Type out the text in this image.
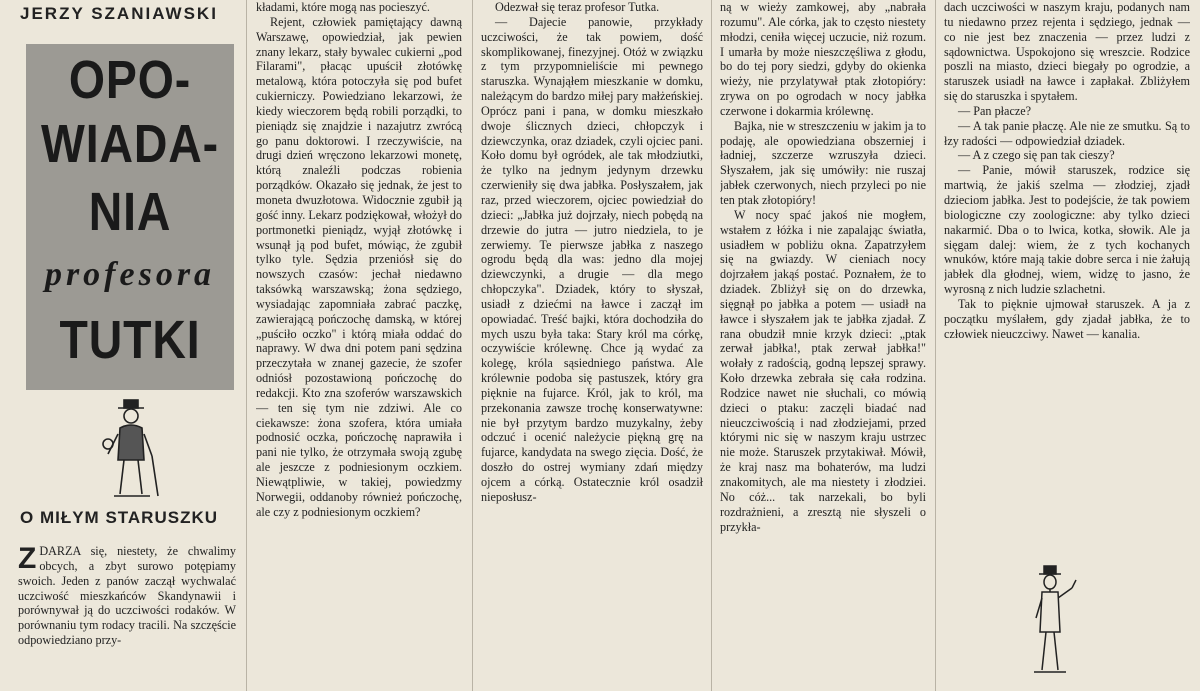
JERZY SZANIAWSKI
OPO-
WIADA-
NIA
profesora
TUTKI
O MIŁYM STARUSZKU
ZDARZA się, niestety, że chwalimy obcych, a zbyt surowo potępiamy swoich. Jeden z panów zaczął wychwalać uczciwość mieszkańców Skandynawii i porównywał ją do uczciwości rodaków. W porównaniu tym rodacy tracili. Na szczęście odpowiedziano przy-

kładami, które mogą nas pocieszyć.

Rejent, człowiek pamiętający dawną Warszawę, opowiedział, jak pewien znany lekarz, stały bywalec cukierni „pod Filarami", płacąc upuścił złotówkę metalową, która potoczyła się pod bufet cukierniczy. Powiedziano lekarzowi, że kiedy wieczorem będą robili porządki, to pieniądz się znajdzie i nazajutrz zwrócą go panu doktorowi. I rzeczywiście, na drugi dzień wręczono lekarzowi monetę, którą znaleźli podczas robienia porządków. Okazało się jednak, że jest to moneta dwuzłotowa. Widocznie zgubił ją gość inny. Lekarz podziękował, włożył do portmonetki pieniądz, wyjął złotówkę i wsunął ją pod bufet, mówiąc, że zgubił tylko tyle. Sędzia przeniósł się do nowszych czasów: jechał niedawno taksówką warszawską; żona sędziego, wysiadając zapomniała zabrać paczkę, zawierającą pończochę damską, w której „puściło oczko" i którą miała oddać do naprawy. W dwa dni potem pani sędzina przeczytała w znanej gazecie, że szofer odniósł pozostawioną pończochę do redakcji. Kto zna szoferów warszawskich — ten się tym nie zdziwi. Ale co ciekawsze: żona szofera, która umiała podnosić oczka, pończochę naprawiła i pani nie tylko, że otrzymała swoją zgubę ale jeszcze z podniesionym oczkiem. Niewątpliwie, w takiej, powiedzmy Norwegii, oddanoby również pończochę, ale czy z podniesionym oczkiem?

Odezwał się teraz profesor Tutka.

— Dajecie panowie, przykłady uczciwości, że tak powiem, dość skomplikowanej, finezyjnej. Otóż w związku z tym przypomnieliście mi pewnego staruszka. Wynająłem mieszkanie w domku, należącym do bardzo miłej pary małżeńskiej. Oprócz pani i pana, w domku mieszkało dwoje ślicznych dzieci, chłopczyk i dziewczynka, oraz dziadek, czyli ojciec pani. Koło domu był ogródek, ale tak młodziutki, że tylko na jednym jedynym drzewku czerwieniły się dwa jabłka. Posłyszałem, jak raz, przed wieczorem, ojciec powiedział do dzieci: „Jabłka już dojrzały, niech pobędą na drzewie do jutra — jutro niedziela, to je zerwiemy. Te pierwsze jabłka z naszego ogrodu będą dla was: jedno dla mojej dziewczynki, a drugie — dla mego chłopczyka". Dziadek, który to słyszał, usiadł z dziećmi na ławce i zaczął im opowiadać. Treść bajki, która dochodziła do mych uszu była taka: Stary król ma córkę, oczywiście królewnę. Chce ją wydać za kolegę, króla sąsiedniego państwa. Ale królewnie podoba się pastuszek, który gra pięknie na fujarce. Król, jak to król, ma przekonania zawsze trochę konserwatywne: nie był przytym bardzo muzykalny, żeby odczuć i ocenić należycie piękną grę na fujarce, kandydata na swego zięcia. Dość, że doszło do ostrej wymiany zdań między ojcem a córką. Ostatecznie król osadził nieposłusz-

ną w wieży zamkowej, aby „nabrała rozumu". Ale córka, jak to często niestety młodzi, ceniła więcej uczucie, niż rozum. I umarła by może nieszczęśliwa z głodu, bo do tej pory siedzi, gdyby do okienka wieży, nie przylatywał ptak złotopióry: zrywa on po ogrodach w nocy jabłka czerwone i dokarmia królewnę.

Bajka, nie w streszczeniu w jakim ja to podaję, ale opowiedziana obszerniej i ładniej, szczerze wzruszyła dzieci. Słyszałem, jak się umówiły: nie ruszaj jabłek czerwonych, niech przyleci po nie ten ptak złotopióry!

W nocy spać jakoś nie mogłem, wstałem z łóżka i nie zapalając światła, usiadłem w pobliżu okna. Zapatrzyłem się na gwiazdy. W cieniach nocy dojrzałem jakąś postać. Poznałem, że to dziadek. Zbliżył się on do drzewka, sięgnął po jabłka a potem — usiadł na ławce i słyszałem jak te jabłka zjadał. Z rana obudził mnie krzyk dzieci: „ptak zerwał jabłka!, ptak zerwał jabłka!" wołały z radością, godną lepszej sprawy. Koło drzewka zebrała się cała rodzina. Rodzice nawet nie słuchali, co mówią dzieci o ptaku: zaczęli biadać nad nieuczciwością i nad złodziejami, przed którymi nic się w naszym kraju ustrzec nie może. Staruszek przytakiwał. Mówił, że kraj nasz ma bohaterów, ma ludzi znakomitych, ale ma niestety i złodziei. No cóż... tak narzekali, bo byli rozdrażnieni, a zresztą nie słyszeli o przykła-

dach uczciwości w naszym kraju, podanych nam tu niedawno przez rejenta i sędziego, jednak — co nie jest bez znaczenia — przez ludzi z sądownictwa. Uspokojono się wreszcie. Rodzice poszli na miasto, dzieci biegały po ogrodzie, a staruszek usiadł na ławce i zapłakał. Zbliżyłem się do staruszka i spytałem.

— Pan płacze?

— A tak panie płaczę. Ale nie ze smutku. Są to łzy radości — odpowiedział dziadek.

— A z czego się pan tak cieszy?

— Panie, mówił staruszek, rodzice się martwią, że jakiś szelma — złodziej, zjadł dzieciom jabłka. Jest to podejście, że tak powiem biologiczne czy zoologiczne: aby tylko dzieci nakarmić. Dba o to lwica, kotka, słowik. Ale ja sięgam dalej: wiem, że z tych kochanych wnuków, które mają takie dobre serca i nie żałują jabłek dla głodnej, wiem, widzę to jasno, że wyrosną z nich ludzie szlachetni.

Tak to pięknie ujmował staruszek. A ja z początku myślałem, gdy zjadał jabłka, że to człowiek nieuczciwy. Nawet — kanalia.
